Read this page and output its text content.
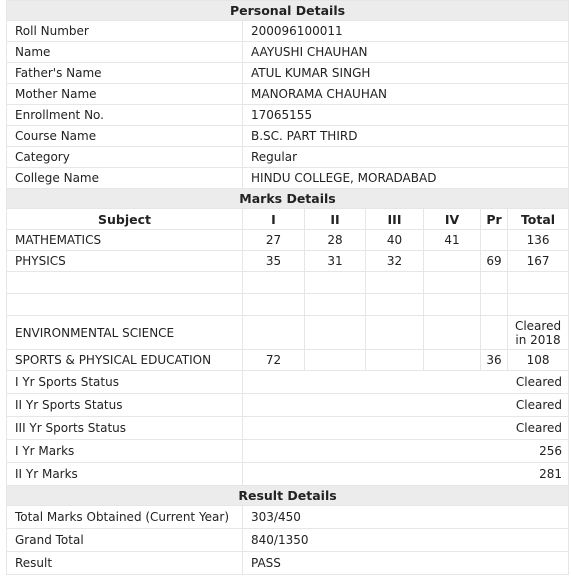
Personal Details						
Roll Number	200096100011					
Name	AAYUSHI CHAUHAN					
Father's Name	ATUL KUMAR SINGH					
Mother Name	MANORAMA CHAUHAN					
Enrollment No.	17065155					
Course Name	B.SC. PART THIRD					
Category	Regular					
College Name	HINDU COLLEGE, MORADABAD					
Marks Details						
Subject	I	II	III	IV	Pr	Total
MATHEMATICS	27	28	40	41		136
PHYSICS	35	31	32		69	167

ENVIRONMENTAL SCIENCE						Cleared in 2018
SPORTS & PHYSICAL EDUCATION	72				36	108
I Yr Sports Status	Cleared					
II Yr Sports Status	Cleared					
III Yr Sports Status	Cleared					
I Yr Marks	256					
II Yr Marks	281					
Result Details						
Total Marks Obtained (Current Year)	303/450					
Grand Total	840/1350					
Result	PASS					
